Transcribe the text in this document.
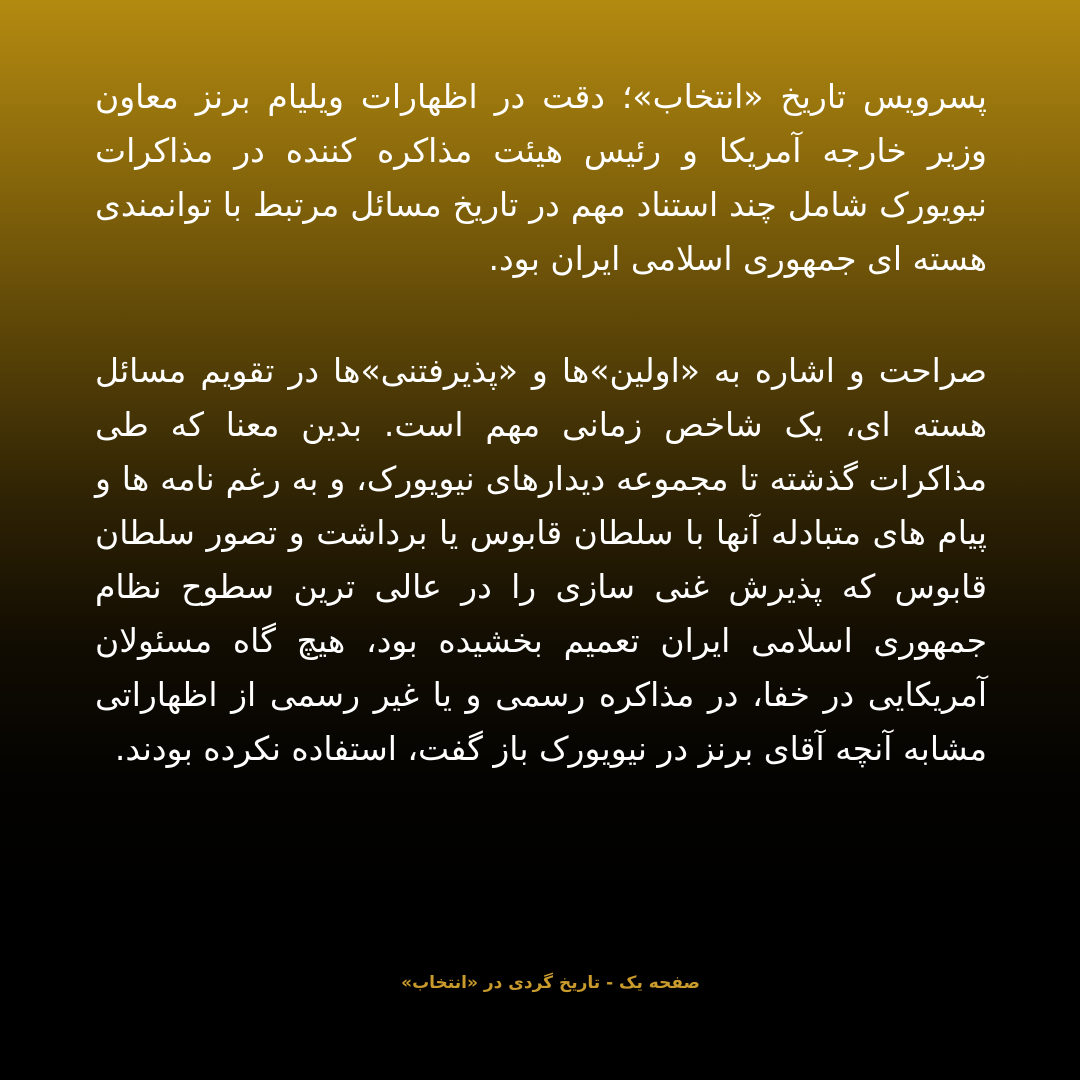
پسرویس تاریخ «انتخاب»؛ دقت در اظهارات ویلیام برنز معاون وزیر خارجه آمریکا و رئیس هیئت مذاکره کننده در مذاکرات نیویورک شامل چند استناد مهم در تاریخ مسائل مرتبط با توانمندی هسته ای جمهوری اسلامی ایران بود.

صراحت و اشاره به «اولین»ها و «پذیرفتنی»ها در تقویم مسائل هسته ای، یک شاخص زمانی مهم است. بدین معنا که طی مذاکرات گذشته تا مجموعه دیدارهای نیویورک، و به رغم نامه ها و پیام های متبادله آنها با سلطان قابوس یا برداشت و تصور سلطان قابوس که پذیرش غنی سازی را در عالی ترین سطوح نظام جمهوری اسلامی ایران تعمیم بخشیده بود، هیچ گاه مسئولان آمریکایی در خفا، در مذاکره رسمی و یا غیر رسمی از اظهاراتی مشابه آنچه آقای برنز در نیویورک باز گفت، استفاده نکرده بودند.

صفحه یک - تاریخ گردی در «انتخاب»
